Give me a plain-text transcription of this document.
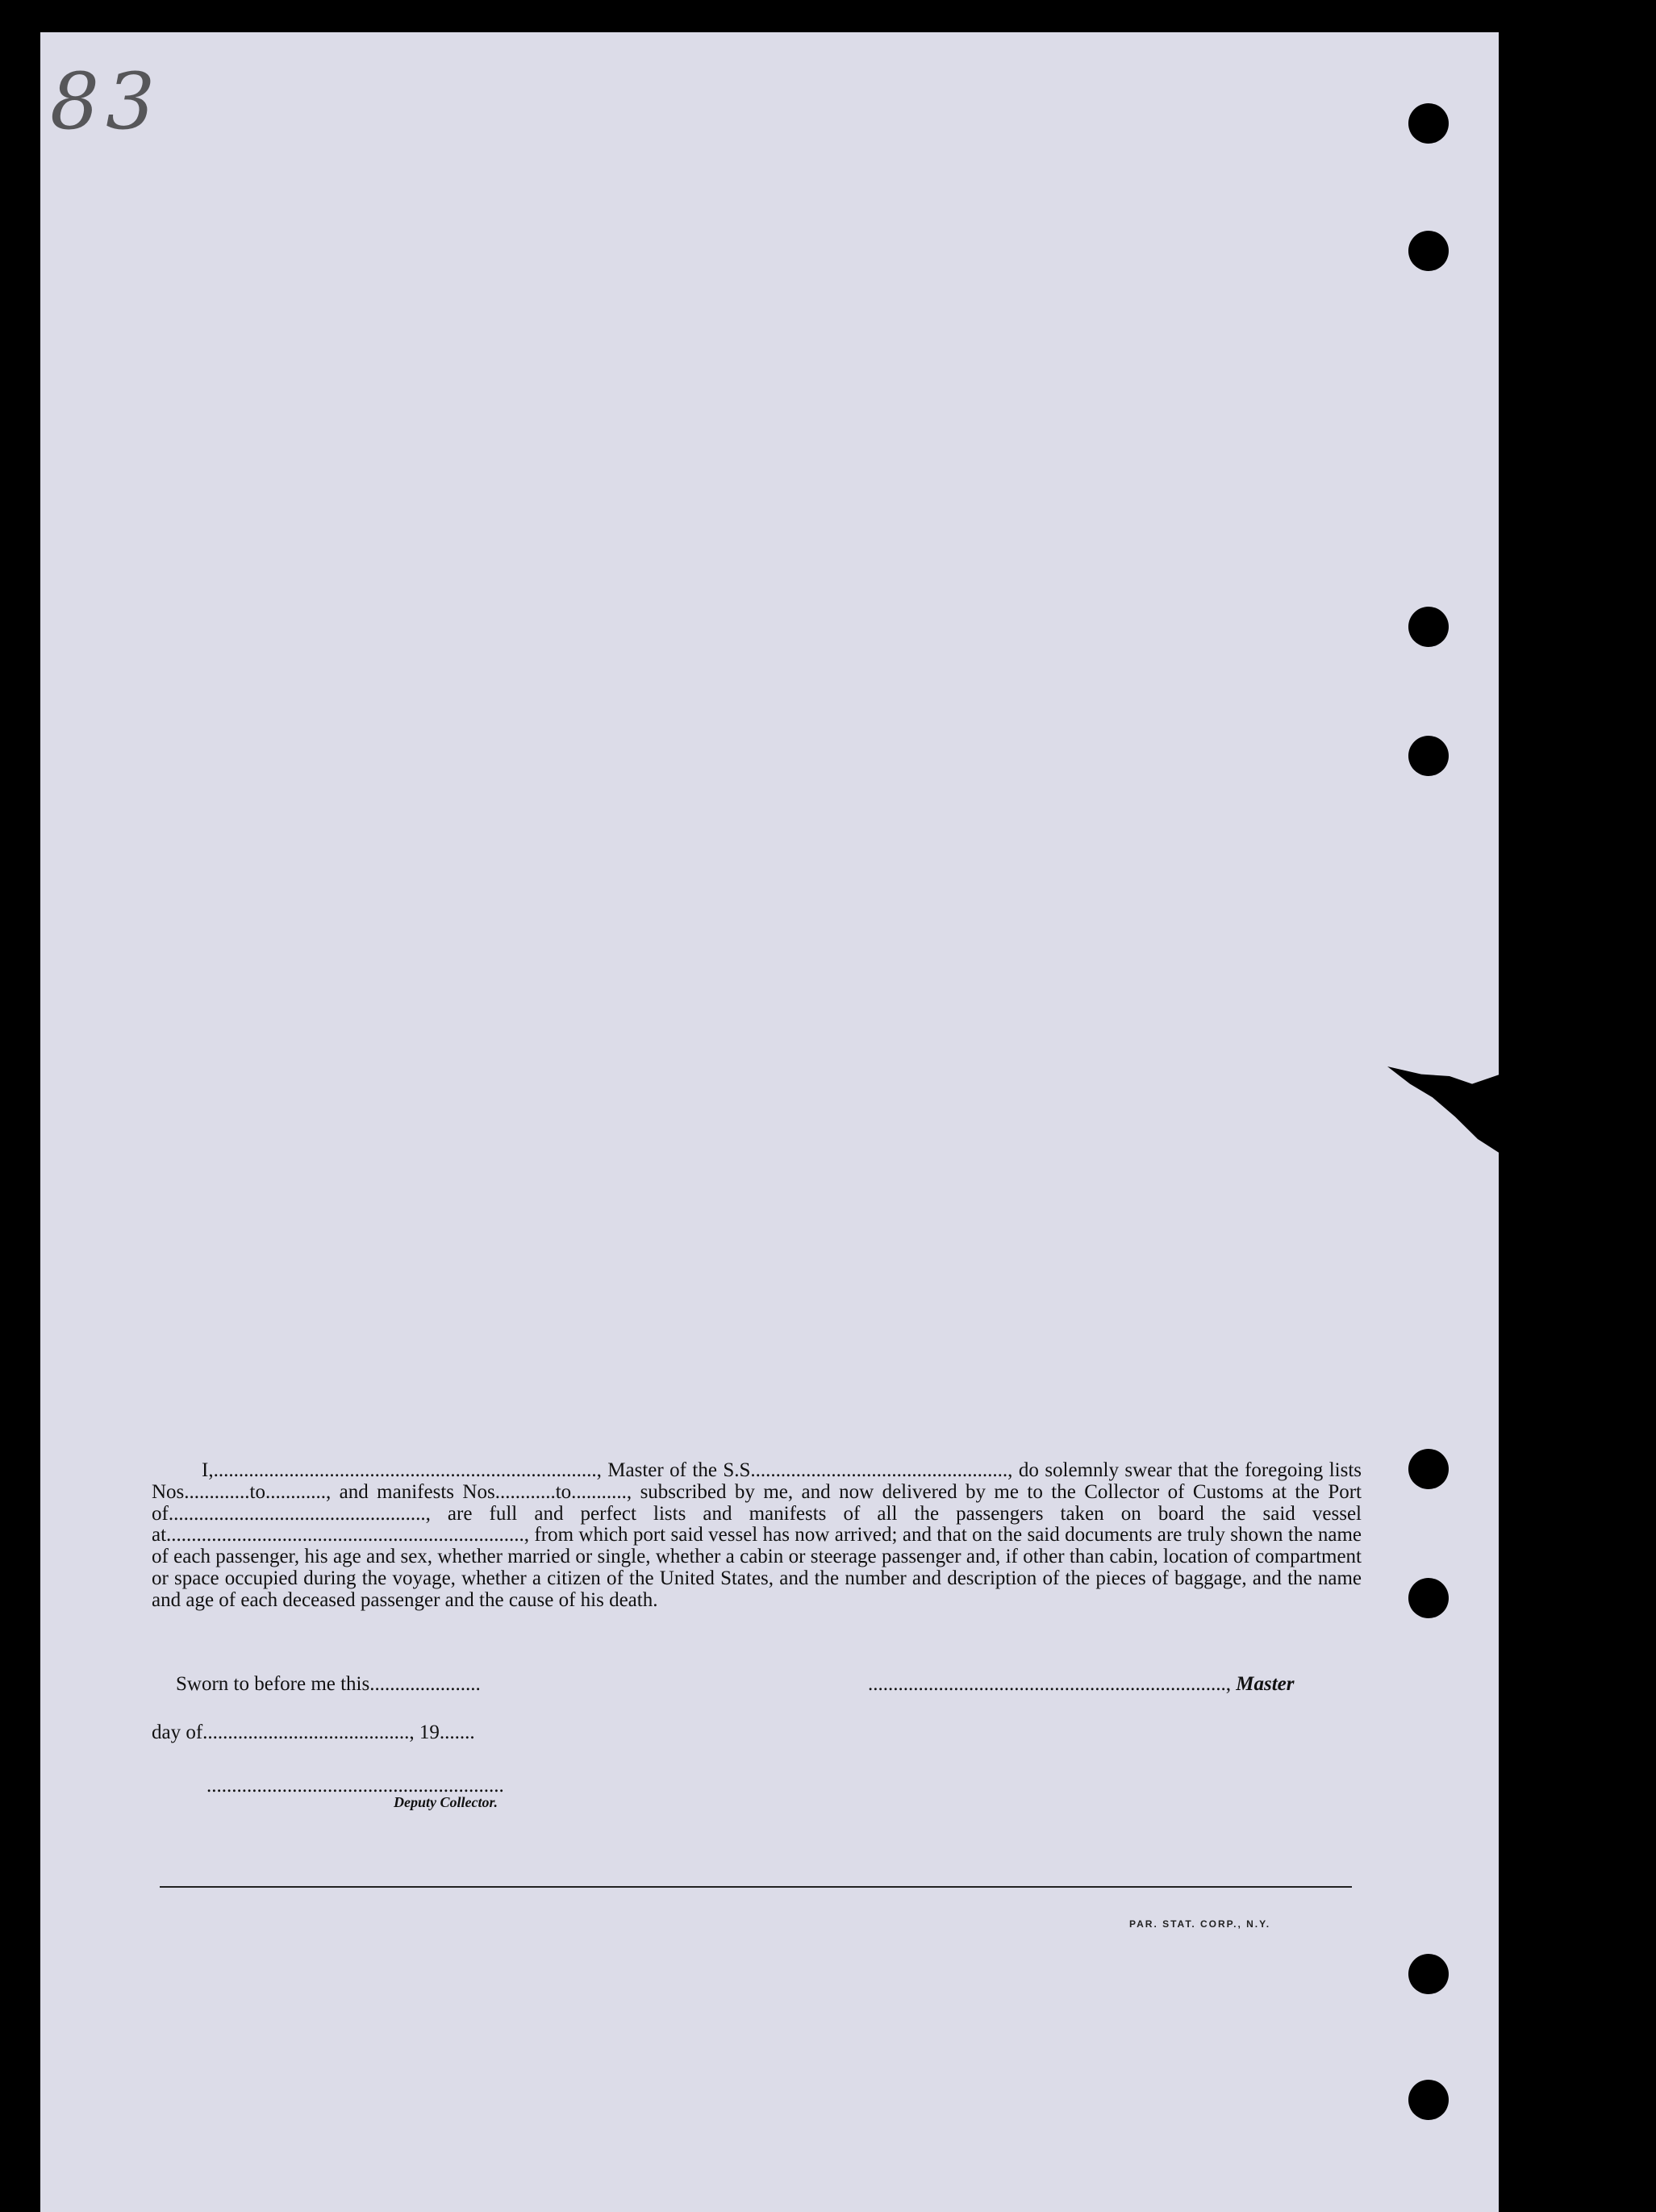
83

I,............................................................................, Master of the S.S..................................................., do solemnly swear that the foregoing lists Nos.............to............, and manifests Nos............to..........., subscribed by me, and now delivered by me to the Collector of Customs at the Port of..................................................., are full and perfect lists and manifests of all the passengers taken on board the said vessel at......................................................................., from which port said vessel has now arrived; and that on the said documents are truly shown the name of each passenger, his age and sex, whether married or single, whether a cabin or steerage passenger and, if other than cabin, location of compartment or space occupied during the voyage, whether a citizen of the United States, and the number and description of the pieces of baggage, and the name and age of each deceased passenger and the cause of his death.

Sworn to before me this......................	......................................................................., Master
day of........................................., 19.......
...........................................................
Deputy Collector.
PAR. STAT. CORP., N.Y.
